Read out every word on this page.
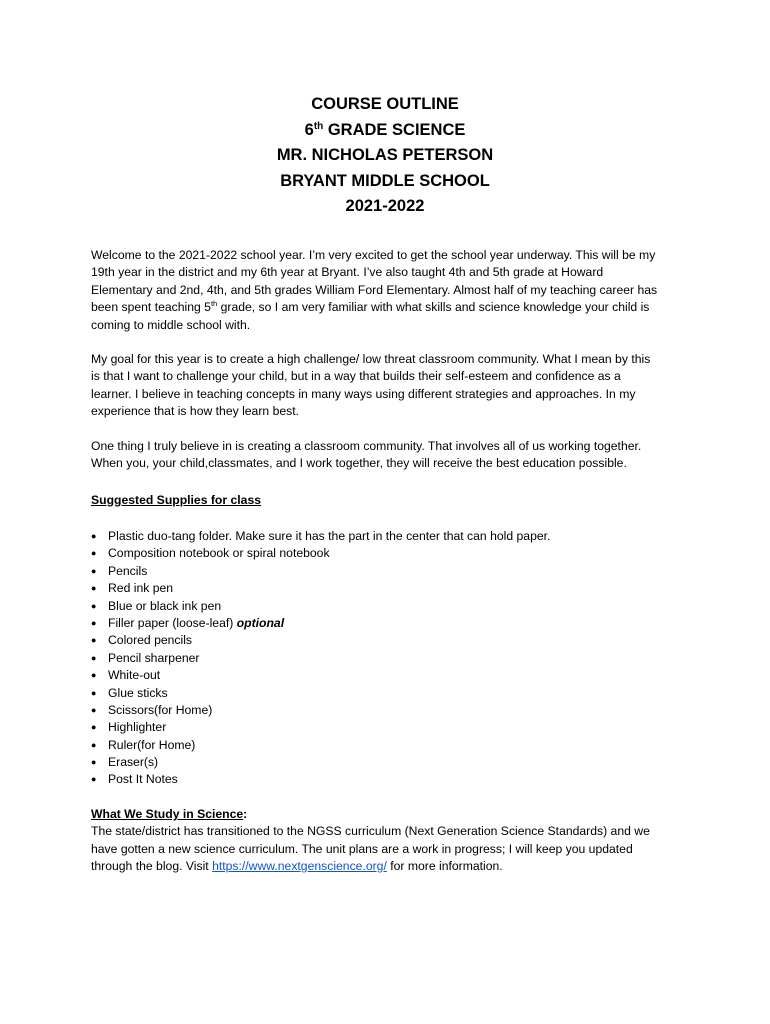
COURSE OUTLINE
6th GRADE SCIENCE
MR. NICHOLAS PETERSON
BRYANT MIDDLE SCHOOL
2021-2022

Welcome to the 2021-2022 school year. I’m very excited to get the school year underway. This will be my

19th year in the district and my 6th year at Bryant. I’ve also taught 4th and 5th grade at Howard

Elementary and 2nd, 4th, and 5th grades William Ford Elementary. Almost half of my teaching career has

been spent teaching 5th grade, so I am very familiar with what skills and science knowledge your child is

coming to middle school with.

My goal for this year is to create a high challenge/ low threat classroom community. What I mean by this

is that I want to challenge your child, but in a way that builds their self-esteem and confidence as a

learner. I believe in teaching concepts in many ways using different strategies and approaches. In my

experience that is how they learn best.

One thing I truly believe in is creating a classroom community. That involves all of us working together.

When you, your child,classmates, and I work together, they will receive the best education possible.

Suggested Supplies for class
● Plastic duo-tang folder. Make sure it has the part in the center that can hold paper.
● Composition notebook or spiral notebook
● Pencils
● Red ink pen
● Blue or black ink pen
● Filler paper (loose-leaf) optional
● Colored pencils
● Pencil sharpener
● White-out
● Glue sticks
● Scissors(for Home)
● Highlighter
● Ruler(for Home)
● Eraser(s)
● Post It Notes

What We Study in Science:

The state/district has transitioned to the NGSS curriculum (Next Generation Science Standards) and we

have gotten a new science curriculum. The unit plans are a work in progress; I will keep you updated

through the blog. Visit https://www.nextgenscience.org/ for more information.
